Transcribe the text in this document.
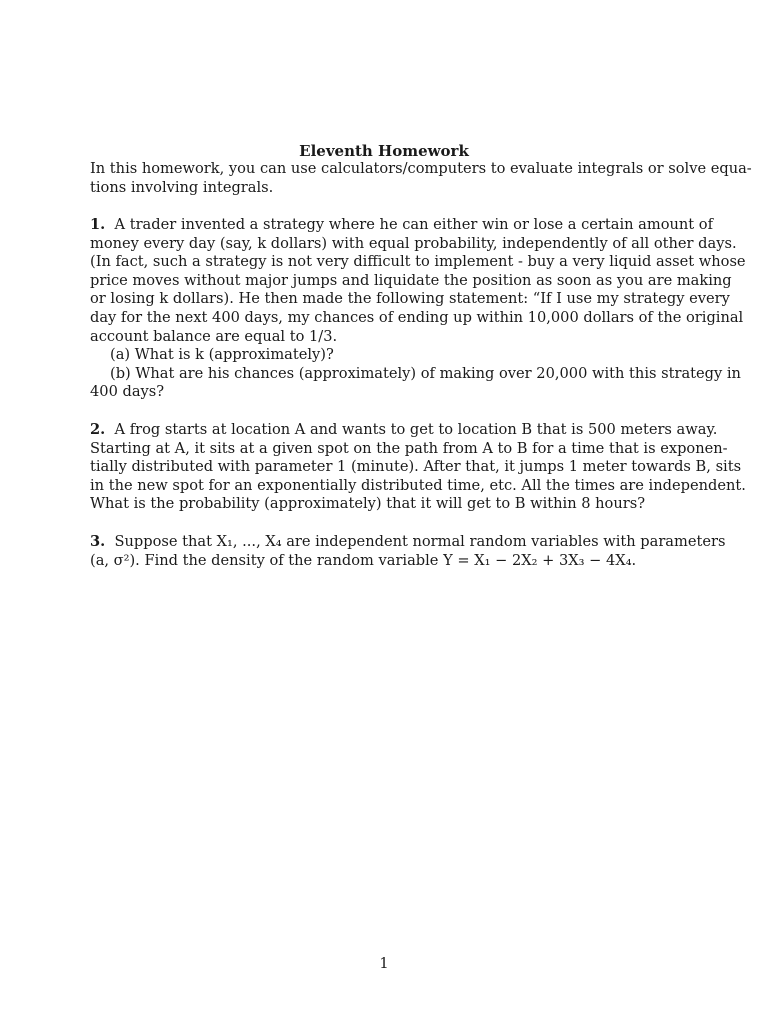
Eleventh Homework
In this homework, you can use calculators/computers to evaluate integrals or solve equa-
tions involving integrals.
1. A trader invented a strategy where he can either win or lose a certain amount of
money every day (say, k dollars) with equal probability, independently of all other days.
(In fact, such a strategy is not very difficult to implement - buy a very liquid asset whose
price moves without major jumps and liquidate the position as soon as you are making
or losing k dollars). He then made the following statement: “If I use my strategy every
day for the next 400 days, my chances of ending up within 10,000 dollars of the original
account balance are equal to 1/3.
(a) What is k (approximately)?
(b) What are his chances (approximately) of making over 20,000 with this strategy in
400 days?
2. A frog starts at location A and wants to get to location B that is 500 meters away.
Starting at A, it sits at a given spot on the path from A to B for a time that is exponen-
tially distributed with parameter 1 (minute). After that, it jumps 1 meter towards B, sits
in the new spot for an exponentially distributed time, etc. All the times are independent.
What is the probability (approximately) that it will get to B within 8 hours?
3. Suppose that X₁, ..., X₄ are independent normal random variables with parameters
(a, σ²). Find the density of the random variable Y = X₁ − 2X₂ + 3X₃ − 4X₄.
1
